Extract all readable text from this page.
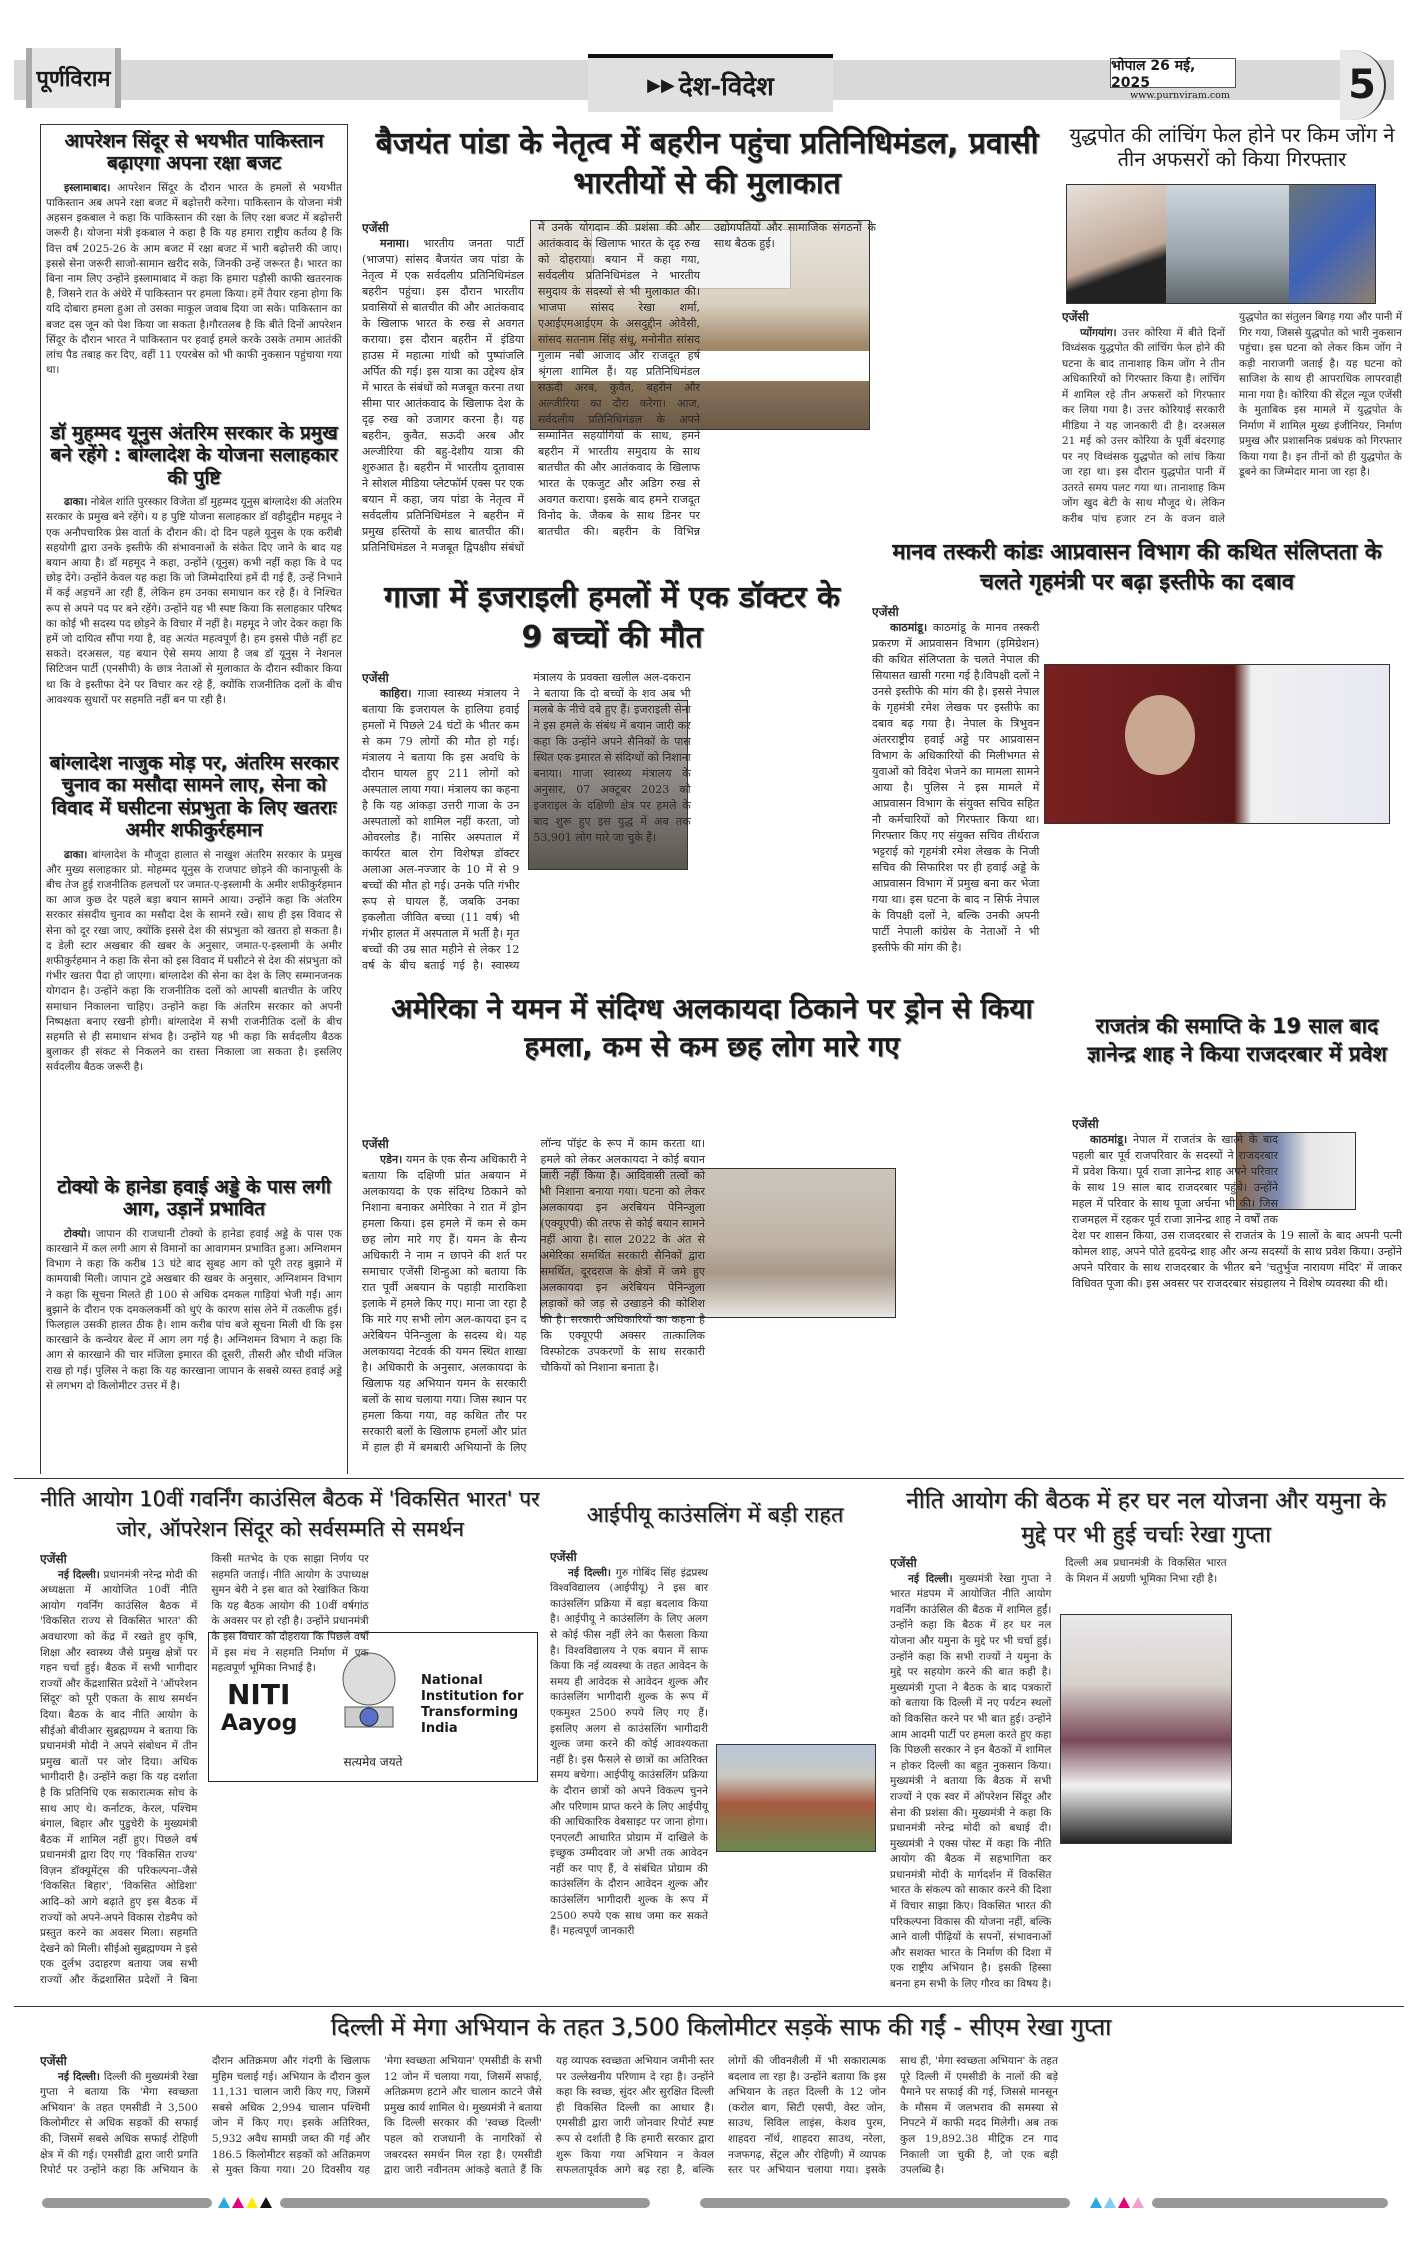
पूर्णविराम	▶▶ देश-विदेश
भोपाल 26 मई, 2025
www.purnviram.com	5
आपरेशन सिंदूर से भयभीत पाकिस्तान बढ़ाएगा अपना रक्षा बजट

इस्लामाबाद। आपरेशन सिंदूर के दौरान भारत के हमलों से भयभीत पाकिस्तान अब अपने रक्षा बजट में बढ़ोत्तरी करेगा। पाकिस्तान के योजना मंत्री अहसन इकबाल ने कहा कि पाकिस्तान की रक्षा के लिए रक्षा बजट में बढ़ोत्तरी जरूरी है। योजना मंत्री इकबाल ने कहा है कि यह हमारा राष्ट्रीय कर्तव्य है कि वित्त वर्ष 2025-26 के आम बजट में रक्षा बजट में भारी बढ़ोत्तरी की जाए। इससे सेना जरूरी साजो-सामान खरीद सके, जिनकी उन्हें जरूरत है। भारत का बिना नाम लिए उन्होंने इस्लामाबाद में कहा कि हमारा पड़ौसी काफी खतरनाक है, जिसने रात के अंधेरे में पाकिस्तान पर हमला किया। हमें तैयार रहना होगा कि यदि दोबारा हमला हुआ तो उसका माकूल जवाब दिया जा सके। पाकिस्तान का बजट दस जून को पेश किया जा सकता है।गौरतलब है कि बीते दिनों आपरेशन सिंदूर के दौरान भारत ने पाकिस्तान पर हवाई हमले करके उसके तमाम आतंकी लांच पैड तबाह कर दिए, वहीं 11 एयरबेस को भी काफी नुकसान पहुंचाया गया था।

डॉ मुहम्मद यूनुस अंतरिम सरकार के प्रमुख बने रहेंगे : बांग्लादेश के योजना सलाहकार की पुष्टि

ढाका। नोबेल शांति पुरस्कार विजेता डॉ मुहम्मद यूनुस बांग्लादेश की अंतरिम सरकार के प्रमुख बने रहेंगे। य ह पुष्टि योजना सलाहकार डॉ वहीदुद्दीन महमूद ने एक अनौपचारिक प्रेस वार्ता के दौरान की। दो दिन पहले यूनुस के एक करीबी सहयोगी द्वारा उनके इस्तीफे की संभावनाओं के संकेत दिए जाने के बाद यह बयान आया है। डॉ महमूद ने कहा, उन्होंने (यूनुस) कभी नहीं कहा कि वे पद छोड़ देंगे। उन्होंने केवल यह कहा कि जो जिम्मेदारियां हमें दी गई हैं, उन्हें निभाने में कई अड़चनें आ रही हैं, लेकिन हम उनका समाधान कर रहे हैं। वे निश्चित रूप से अपने पद पर बने रहेंगे। उन्होंने यह भी स्पष्ट किया कि सलाहकार परिषद का कोई भी सदस्य पद छोड़ने के विचार में नहीं है। महमूद ने जोर देकर कहा कि हमें जो दायित्व सौंपा गया है, वह अत्यंत महत्वपूर्ण है। हम इससे पीछे नहीं हट सकते। दरअसल, यह बयान ऐसे समय आया है जब डॉ यूनुस ने नेशनल सिटिजन पार्टी (एनसीपी) के छात्र नेताओं से मुलाकात के दौरान स्वीकार किया था कि वे इस्तीफा देने पर विचार कर रहे हैं, क्योंकि राजनीतिक दलों के बीच आवश्यक सुधारों पर सहमति नहीं बन पा रही है।

बांग्लादेश नाजुक मोड़ पर, अंतरिम सरकार चुनाव का मसौदा सामने लाए, सेना को विवाद में घसीटना संप्रभुता के लिए खतराः अमीर शफीकुर्रहमान

ढाका। बांग्लादेश के मौजूदा हालात से नाखुश अंतरिम सरकार के प्रमुख और मुख्य सलाहकार प्रो. मोहम्मद यूनुस के राजपाट छोड़ने की कानाफूसी के बीच तेज हुई राजनीतिक हलचलों पर जमात-ए-इस्लामी के अमीर शफीकुर्रहमान का आज कुछ देर पहले बड़ा बयान सामने आया। उन्होंने कहा कि अंतरिम सरकार संसदीय चुनाव का मसौदा देश के सामने रखे। साथ ही इस विवाद से सेना को दूर रखा जाए, क्योंकि इससे देश की संप्रभुता को खतरा हो सकता है। द डेली स्टार अखबार की खबर के अनुसार, जमात-ए-इस्लामी के अमीर शफीकुर्रहमान ने कहा कि सेना को इस विवाद में घसीटने से देश की संप्रभुता को गंभीर खतरा पैदा हो जाएगा। बांग्लादेश की सेना का देश के लिए सम्मानजनक योगदान है। उन्होंने कहा कि राजनीतिक दलों को आपसी बातचीत के जरिए समाधान निकालना चाहिए। उन्होंने कहा कि अंतरिम सरकार को अपनी निष्पक्षता बनाए रखनी होगी। बांग्लादेश में सभी राजनीतिक दलों के बीच सहमति से ही समाधान संभव है। उन्होंने यह भी कहा कि सर्वदलीय बैठक बुलाकर ही संकट से निकलने का रास्ता निकाला जा सकता है। इसलिए सर्वदलीय बैठक जरूरी है।

टोक्यो के हानेडा हवाई अड्डे के पास लगी आग, उड़ानें प्रभावित

टोक्यो। जापान की राजधानी टोक्यो के हानेडा हवाई अड्डे के पास एक कारखाने में कल लगी आग से विमानों का आवागमन प्रभावित हुआ। अग्निशमन विभाग ने कहा कि करीब 13 घंटे बाद सुबह आग को पूरी तरह बुझाने में कामयाबी मिली। जापान टुडे अखबार की खबर के अनुसार, अग्निशमन विभाग ने कहा कि सूचना मिलते ही 100 से अधिक दमकल गाड़ियां भेजी गईं। आग बुझाने के दौरान एक दमकलकर्मी को धुएं के कारण सांस लेने में तकलीफ हुई। फिलहाल उसकी हालत ठीक है। शाम करीब पांच बजे सूचना मिली थी कि इस कारखाने के कन्वेयर बेल्ट में आग लग गई है। अग्निशमन विभाग ने कहा कि आग से कारखाने की चार मंजिला इमारत की दूसरी, तीसरी और चौथी मंजिल राख हो गई। पुलिस ने कहा कि यह कारखाना जापान के सबसे व्यस्त हवाई अड्डे से लगभग दो किलोमीटर उत्तर में है।

बैजयंत पांडा के नेतृत्व में बहरीन पहुंचा प्रतिनिधिमंडल, प्रवासी भारतीयों से की मुलाकात
एजेंसी

मनामा। भारतीय जनता पार्टी (भाजपा) सांसद बैजयंत जय पांडा के नेतृत्व में एक सर्वदलीय प्रतिनिधिमंडल बहरीन पहुंचा। इस दौरान भारतीय प्रवासियों से बातचीत की और आतंकवाद के खिलाफ भारत के रुख से अवगत कराया। इस दौरान बहरीन में इंडिया हाउस में महात्मा गांधी को पुष्पांजलि अर्पित की गई। इस यात्रा का उद्देश्य क्षेत्र में भारत के संबंधों को मजबूत करना तथा सीमा पार आतंकवाद के खिलाफ देश के दृढ़ रुख को उजागर करना है। यह बहरीन, कुवैत, सऊदी अरब और अल्जीरिया की बहु-देशीय यात्रा की शुरुआत है। बहरीन में भारतीय दूतावास ने सोशल मीडिया प्लेटफॉर्म एक्स पर एक बयान में कहा, जय पांडा के नेतृत्व में सर्वदलीय प्रतिनिधिमंडल ने बहरीन में प्रमुख हस्तियों के साथ बातचीत की। प्रतिनिधिमंडल ने मजबूत द्विपक्षीय संबंधों में उनके योगदान की प्रशंसा की और आतंकवाद के खिलाफ भारत के दृढ़ रुख को दोहराया। बयान में कहा गया, सर्वदलीय प्रतिनिधिमंडल ने भारतीय समुदाय के सदस्यों से भी मुलाकात की। भाजपा सांसद रेखा शर्मा, एआईएमआईएम के असदुद्दीन ओवैसी, सांसद सतनाम सिंह संधू, मनोनीत सांसद गुलाम नबी आजाद और राजदूत हर्ष श्रृंगला शामिल हैं। यह प्रतिनिधिमंडल सऊदी अरब, कुवैत, बहरीन और अल्जीरिया का दौरा करेगा। आज, सर्वदलीय प्रतिनिधिमंडल के अपने सम्मानित सहयोगियों के साथ, हमने बहरीन में भारतीय समुदाय के साथ बातचीत की और आतंकवाद के खिलाफ भारत के एकजुट और अडिग रुख से अवगत कराया। इसके बाद हमने राजदूत विनोद के. जैकब के साथ डिनर पर बातचीत की। बहरीन के विभिन्न उद्योगपतियों और सामाजिक संगठनों के साथ बैठक हुई।

युद्धपोत की लांचिंग फेल होने पर किम जोंग ने तीन अफसरों को किया गिरफ्तार
एजेंसी

प्योंगयांग। उत्तर कोरिया में बीते दिनों विध्वंसक युद्धपोत की लांचिंग फेल होने की घटना के बाद तानाशाह किम जोंग ने तीन अधिकारियों को गिरफ्तार किया है। लांचिंग में शामिल रहे तीन अफसरों को गिरफ्तार कर लिया गया है। उत्तर कोरियाई सरकारी मीडिया ने यह जानकारी दी है। दरअसल 21 मई को उत्तर कोरिया के पूर्वी बंदरगाह पर नए विध्वंसक युद्धपोत को लांच किया जा रहा था। इस दौरान युद्धपोत पानी में उतरते समय पलट गया था। तानाशाह किम जोंग खुद बेटी के साथ मौजूद थे। लेकिन करीब पांच हजार टन के वजन वाले युद्धपोत का संतुलन बिगड़ गया और पानी में गिर गया, जिससे युद्धपोत को भारी नुकसान पहुंचा। इस घटना को लेकर किम जोंग ने कड़ी नाराजगी जताई है। यह घटना को साजिश के साथ ही आपराधिक लापरवाही माना गया है। कोरिया की सेंट्रल न्यूज एजेंसी के मुताबिक इस मामले में युद्धपोत के निर्माण में शामिल मुख्य इंजीनियर, निर्माण प्रमुख और प्रशासनिक प्रबंधक को गिरफ्तार किया गया है। इन तीनों को ही युद्धपोत के डूबने का जिम्मेदार माना जा रहा है।

गाजा में इजराइली हमलों में एक डॉक्टर के 9 बच्चों की मौत
एजेंसी

काहिरा। गाजा स्वास्थ्य मंत्रालय ने बताया कि इजरायल के हालिया हवाई हमलों में पिछले 24 घंटों के भीतर कम से कम 79 लोगों की मौत हो गई। मंत्रालय ने बताया कि इस अवधि के दौरान घायल हुए 211 लोगों को अस्पताल लाया गया। मंत्रालय का कहना है कि यह आंकड़ा उत्तरी गाजा के उन अस्पतालों को शामिल नहीं करता, जो ओवरलोड हैं। नासिर अस्पताल में कार्यरत बाल रोग विशेषज्ञ डॉक्टर अलाआ अल-नज्जार के 10 में से 9 बच्चों की मौत हो गई। उनके पति गंभीर रूप से घायल हैं, जबकि उनका इकलौता जीवित बच्चा (11 वर्ष) भी गंभीर हालत में अस्पताल में भर्ती है। मृत बच्चों की उम्र सात महीने से लेकर 12 वर्ष के बीच बताई गई है। स्वास्थ्य मंत्रालय के प्रवक्ता खलील अल-दकरान ने बताया कि दो बच्चों के शव अब भी मलबे के नीचे दबे हुए हैं। इजराइली सेना ने इस हमले के संबंध में बयान जारी कर कहा कि उन्होंने अपने सैनिकों के पास स्थित एक इमारत से संदिग्धों को निशाना बनाया। गाजा स्वास्थ्य मंत्रालय के अनुसार, 07 अक्टूबर 2023 को इजराइल के दक्षिणी क्षेत्र पर हमले के बाद शुरू हुए इस युद्ध में अब तक 53,901 लोग मारे जा चुके हैं।

मानव तस्करी कांडः आप्रवासन विभाग की कथित संलिप्तता के चलते गृहमंत्री पर बढ़ा इस्तीफे का दबाव
एजेंसी

काठमांडू। काठमांडू के मानव तस्करी प्रकरण में आप्रवासन विभाग (इमिग्रेशन) की कथित संलिप्तता के चलते नेपाल की सियासत खासी गरमा गई है।विपक्षी दलों ने उनसे इस्तीफे की मांग की है। इससे नेपाल के गृहमंत्री रमेश लेखक पर इस्तीफे का दबाव बढ़ गया है। नेपाल के त्रिभुवन अंतरराष्ट्रीय हवाई अड्डे पर आप्रवासन विभाग के अधिकारियों की मिलीभगत से युवाओं को विदेश भेजने का मामला सामने आया है। पुलिस ने इस मामले में आप्रवासन विभाग के संयुक्त सचिव सहित नौ कर्मचारियों को गिरफ्तार किया था। गिरफ्तार किए गए संयुक्त सचिव तीर्थराज भट्टराई को गृहमंत्री रमेश लेखक के निजी सचिव की सिफारिश पर ही हवाई अड्डे के आप्रवासन विभाग में प्रमुख बना कर भेजा गया था। इस घटना के बाद न सिर्फ नेपाल के विपक्षी दलों ने, बल्कि उनकी अपनी पार्टी नेपाली कांग्रेस के नेताओं ने भी इस्तीफे की मांग की है।

अमेरिका ने यमन में संदिग्ध अलकायदा ठिकाने पर ड्रोन से किया हमला, कम से कम छह लोग मारे गए
एजेंसी

एडेन। यमन के एक सैन्य अधिकारी ने बताया कि दक्षिणी प्रांत अबयान में अलकायदा के एक संदिग्ध ठिकाने को निशाना बनाकर अमेरिका ने रात में ड्रोन हमला किया। इस हमले में कम से कम छह लोग मारे गए हैं। यमन के सैन्य अधिकारी ने नाम न छापने की शर्त पर समाचार एजेंसी शिन्हुआ को बताया कि रात पूर्वी अबयान के पहाड़ी माराकिशा इलाके में हमले किए गए। माना जा रहा है कि मारे गए सभी लोग अल-कायदा इन द अरेबियन पेनिन्जुला के सदस्य थे। यह अलकायदा नेटवर्क की यमन स्थित शाखा है। अधिकारी के अनुसार, अलकायदा के खिलाफ यह अभियान यमन के सरकारी बलों के साथ चलाया गया। जिस स्थान पर हमला किया गया, वह कथित तौर पर सरकारी बलों के खिलाफ हमलों और प्रांत में हाल ही में बमबारी अभियानों के लिए लॉन्च पॉइंट के रूप में काम करता था। हमले को लेकर अलकायदा ने कोई बयान जारी नहीं किया है। आदिवासी तत्वों को भी निशाना बनाया गया। घटना को लेकर अलकायदा इन अरबियन पेनिन्जुला (एक्यूएपी) की तरफ से कोई बयान सामने नहीं आया है। साल 2022 के अंत से अमेरिका समर्थित सरकारी सैनिकों द्वारा समर्थित, दूरदराज के क्षेत्रों में जमे हुए अलकायदा इन अरेबियन पेनिन्जुला लड़ाकों को जड़ से उखाड़ने की कोशिश की है। सरकारी अधिकारियों का कहना है कि एक्यूएपी अक्सर तात्कालिक विस्फोटक उपकरणों के साथ सरकारी चौकियों को निशाना बनाता है।

राजतंत्र की समाप्ति के 19 साल बाद ज्ञानेन्द्र शाह ने किया राजदरबार में प्रवेश
एजेंसी

काठमांडू। नेपाल में राजतंत्र के खात्मे के बाद पहली बार पूर्व राजपरिवार के सदस्यों ने राजदरबार में प्रवेश किया। पूर्व राजा ज्ञानेन्द्र शाह अपने परिवार के साथ 19 साल बाद राजदरबार पहुंचे। उन्होंने महल में परिवार के साथ पूजा अर्चना भी की। जिस राजमहल में रहकर पूर्व राजा ज्ञानेन्द्र शाह ने वर्षों तक देश पर शासन किया, उस राजदरबार से राजतंत्र के 19 सालों के बाद अपनी पत्नी कोमल शाह, अपने पोते हृदयेन्द्र शाह और अन्य सदस्यों के साथ प्रवेश किया। उन्होंने अपने परिवार के साथ राजदरबार के भीतर बने 'चतुर्भुज नारायण मंदिर' में जाकर विधिवत पूजा की। इस अवसर पर राजदरबार संग्रहालय ने विशेष व्यवस्था की थी।

नीति आयोग 10वीं गवर्निंग काउंसिल बैठक में 'विकसित भारत' पर जोर, ऑपरेशन सिंदूर को सर्वसम्मति से समर्थन
NITI
Aayog
सत्यमेव जयते
National Institution for Transforming India
एजेंसी

नई दिल्ली। प्रधानमंत्री नरेन्द्र मोदी की अध्यक्षता में आयोजित 10वीं नीति आयोग गवर्निंग काउंसिल बैठक में 'विकसित राज्य से विकसित भारत' की अवधारणा को केंद्र में रखते हुए कृषि, शिक्षा और स्वास्थ्य जैसे प्रमुख क्षेत्रों पर गहन चर्चा हुई। बैठक में सभी भागीदार राज्यों और केंद्रशासित प्रदेशों ने 'ऑपरेशन सिंदूर' को पूरी एकता के साथ समर्थन दिया। बैठक के बाद नीति आयोग के सीईओ बीवीआर सुब्रह्मण्यम ने बताया कि प्रधानमंत्री मोदी ने अपने संबोधन में तीन प्रमुख बातों पर जोर दिया। अधिक भागीदारी है। उन्होंने कहा कि यह दर्शाता है कि प्रतिनिधि एक सकारात्मक सोच के साथ आए थे। कर्नाटक, केरल, पश्चिम बंगाल, बिहार और पुडुचेरी के मुख्यमंत्री बैठक में शामिल नहीं हुए। पिछले वर्ष प्रधानमंत्री द्वारा दिए गए 'विकसित राज्य' विज़न डॉक्यूमेंट्स की परिकल्पना–जैसे 'विकसित बिहार', 'विकसित ओडिशा' आदि–को आगे बढ़ाते हुए इस बैठक में राज्यों को अपने-अपने विकास रोडमैप को प्रस्तुत करने का अवसर मिला। सहमति देखने को मिली। सीईओ सुब्रह्मण्यम ने इसे एक दुर्लभ उदाहरण बताया जब सभी राज्यों और केंद्रशासित प्रदेशों ने बिना किसी मतभेद के एक साझा निर्णय पर सहमति जताई। नीति आयोग के उपाध्यक्ष सुमन बेरी ने इस बात को रेखांकित किया कि यह बैठक आयोग की 10वीं वर्षगांठ के अवसर पर हो रही है। उन्होंने प्रधानमंत्री के इस विचार को दोहराया कि पिछले वर्षों में इस मंच ने सहमति निर्माण में एक महत्वपूर्ण भूमिका निभाई है।

आईपीयू काउंसलिंग में बड़ी राहत
एजेंसी

नई दिल्ली। गुरु गोबिंद सिंह इंद्रप्रस्थ विश्वविद्यालय (आईपीयू) ने इस बार काउंसलिंग प्रक्रिया में बड़ा बदलाव किया है। आईपीयू ने काउंसलिंग के लिए अलग से कोई फीस नहीं लेने का फैसला किया है। विश्वविद्यालय ने एक बयान में साफ किया कि नई व्यवस्था के तहत आवेदन के समय ही आवेदक से आवेदन शुल्क और काउंसलिंग भागीदारी शुल्क के रूप में एकमुश्त 2500 रुपये लिए गए हैं। इसलिए अलग से काउंसलिंग भागीदारी शुल्क जमा करने की कोई आवश्यकता नहीं है। इस फैसले से छात्रों का अतिरिक्त समय बचेगा। आईपीयू काउंसलिंग प्रक्रिया के दौरान छात्रों को अपने विकल्प चुनने और परिणाम प्राप्त करने के लिए आईपीयू की आधिकारिक वेबसाइट पर जाना होगा। एनएलटी आधारित प्रोग्राम में दाखिले के इच्छुक उम्मीदवार जो अभी तक आवेदन नहीं कर पाए हैं, वे संबंधित प्रोग्राम की काउंसलिंग के दौरान आवेदन शुल्क और काउंसलिंग भागीदारी शुल्क के रूप में 2500 रुपये एक साथ जमा कर सकते हैं। महत्वपूर्ण जानकारी

नीति आयोग की बैठक में हर घर नल योजना और यमुना के मुद्दे पर भी हुई चर्चाः रेखा गुप्ता
एजेंसी

नई दिल्ली। मुख्यमंत्री रेखा गुप्ता ने भारत मंडपम में आयोजित नीति आयोग गवर्निंग काउंसिल की बैठक में शामिल हुईं। उन्होंने कहा कि बैठक में हर घर नल योजना और यमुना के मुद्दे पर भी चर्चा हुई। उन्होंने कहा कि सभी राज्यों ने यमुना के मुद्दे पर सहयोग करने की बात कही है। मुख्यमंत्री गुप्ता ने बैठक के बाद पत्रकारों को बताया कि दिल्ली में नए पर्यटन स्थलों को विकसित करने पर भी बात हुई। उन्होंने आम आदमी पार्टी पर हमला करते हुए कहा कि पिछली सरकार ने इन बैठकों में शामिल न होकर दिल्ली का बहुत नुकसान किया। मुख्यमंत्री ने बताया कि बैठक में सभी राज्यों ने एक स्वर में ऑपरेशन सिंदूर और सेना की प्रशंसा की। मुख्यमंत्री ने कहा कि प्रधानमंत्री नरेन्द्र मोदी को बधाई दी। मुख्यमंत्री ने एक्स पोस्ट में कहा कि नीति आयोग की बैठक में सहभागिता कर प्रधानमंत्री मोदी के मार्गदर्शन में विकसित भारत के संकल्प को साकार करने की दिशा में विचार साझा किए। विकसित भारत की परिकल्पना विकास की योजना नहीं, बल्कि आने वाली पीढ़ियों के सपनों, संभावनाओं और सशक्त भारत के निर्माण की दिशा में एक राष्ट्रीय अभियान है। इसकी हिस्सा बनना हम सभी के लिए गौरव का विषय है। दिल्ली अब प्रधानमंत्री के विकसित भारत के मिशन में अग्रणी भूमिका निभा रही है।

दिल्ली में मेगा अभियान के तहत 3,500 किलोमीटर सड़कें साफ की गईं - सीएम रेखा गुप्ता
एजेंसी

नई दिल्ली। दिल्ली की मुख्यमंत्री रेखा गुप्ता ने बताया कि 'मेगा स्वच्छता अभियान' के तहत एमसीडी ने 3,500 किलोमीटर से अधिक सड़कों की सफाई की, जिसमें सबसे अधिक सफाई रोहिणी क्षेत्र में की गई। एमसीडी द्वारा जारी प्रगति रिपोर्ट पर उन्होंने कहा कि अभियान के दौरान अतिक्रमण और गंदगी के खिलाफ मुहिम चलाई गई। अभियान के दौरान कुल 11,131 चालान जारी किए गए, जिसमें सबसे अधिक 2,994 चालान पश्चिमी जोन में किए गए। इसके अतिरिक्त, 5,932 अवैध सामग्री जब्त की गई और 186.5 किलोमीटर सड़कों को अतिक्रमण से मुक्त किया गया। 20 दिवसीय यह 'मेगा स्वच्छता अभियान' एमसीडी के सभी 12 जोन में चलाया गया, जिसमें सफाई, अतिक्रमण हटाने और चालान काटने जैसे प्रमुख कार्य शामिल थे। मुख्यमंत्री ने बताया कि दिल्ली सरकार की 'स्वच्छ दिल्ली' पहल को राजधानी के नागरिकों से जबरदस्त समर्थन मिल रहा है। एमसीडी द्वारा जारी नवीनतम आंकड़े बताते हैं कि यह व्यापक स्वच्छता अभियान जमीनी स्तर पर उल्लेखनीय परिणाम दे रहा है। उन्होंने कहा कि स्वच्छ, सुंदर और सुरक्षित दिल्ली ही विकसित दिल्ली का आधार है। एमसीडी द्वारा जारी जोनवार रिपोर्ट स्पष्ट रूप से दर्शाती है कि हमारी सरकार द्वारा शुरू किया गया अभियान न केवल सफलतापूर्वक आगे बढ़ रहा है, बल्कि लोगों की जीवनशैली में भी सकारात्मक बदलाव ला रहा है। उन्होंने बताया कि इस अभियान के तहत दिल्ली के 12 जोन (करोल बाग, सिटी एसपी, वेस्ट जोन, साउथ, सिविल लाइंस, केशव पुरम, शाहदरा नॉर्थ, शाहदरा साउथ, नरेला, नजफगढ़, सेंट्रल और रोहिणी) में व्यापक स्तर पर अभियान चलाया गया। इसके साथ ही, 'मेगा स्वच्छता अभियान' के तहत पूरे दिल्ली में एमसीडी के नालों की बड़े पैमाने पर सफाई की गई, जिससे मानसून के मौसम में जलभराव की समस्या से निपटने में काफी मदद मिलेगी। अब तक कुल 19,892.38 मीट्रिक टन गाद निकाली जा चुकी है, जो एक बड़ी उपलब्धि है।
